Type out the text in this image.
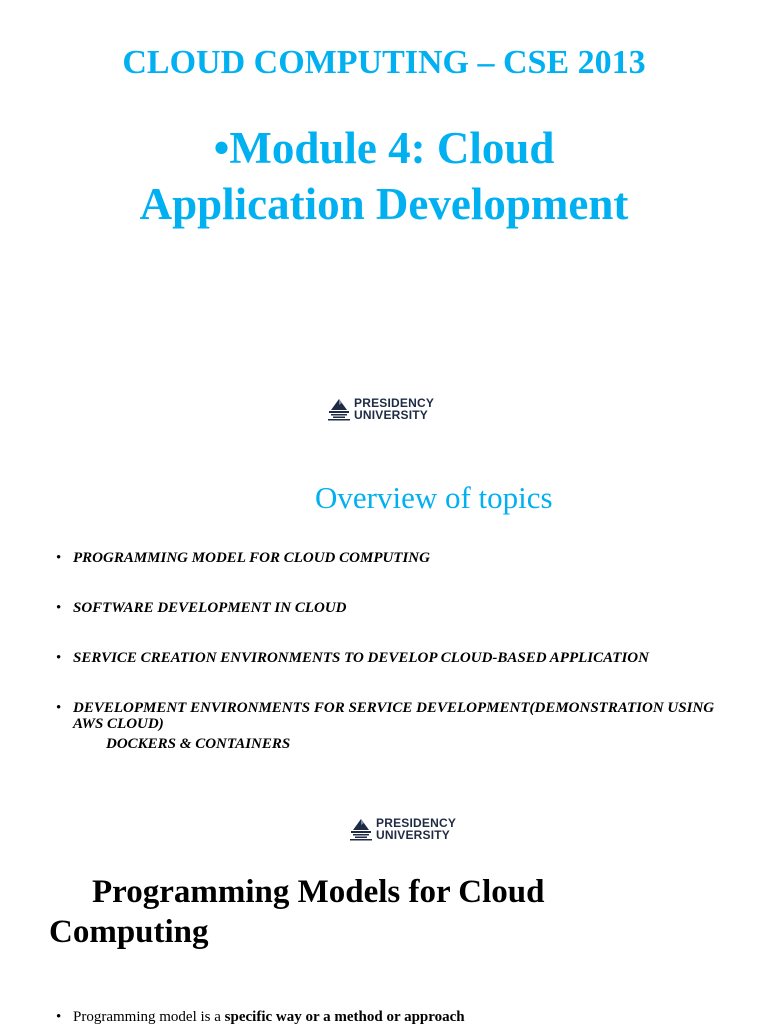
CLOUD COMPUTING – CSE 2013
•Module 4: Cloud
Application Development
PRESIDENCY
UNIVERSITY
Overview of topics
• PROGRAMMING MODEL FOR CLOUD COMPUTING
• SOFTWARE DEVELOPMENT IN CLOUD
• SERVICE CREATION ENVIRONMENTS TO DEVELOP CLOUD-BASED APPLICATION
• DEVELOPMENT ENVIRONMENTS FOR SERVICE DEVELOPMENT(DEMONSTRATION USING AWS CLOUD)
DOCKERS & CONTAINERS
PRESIDENCY
UNIVERSITY
Programming Models for Cloud
Computing
• Programming model is a specific way or a method or approach
